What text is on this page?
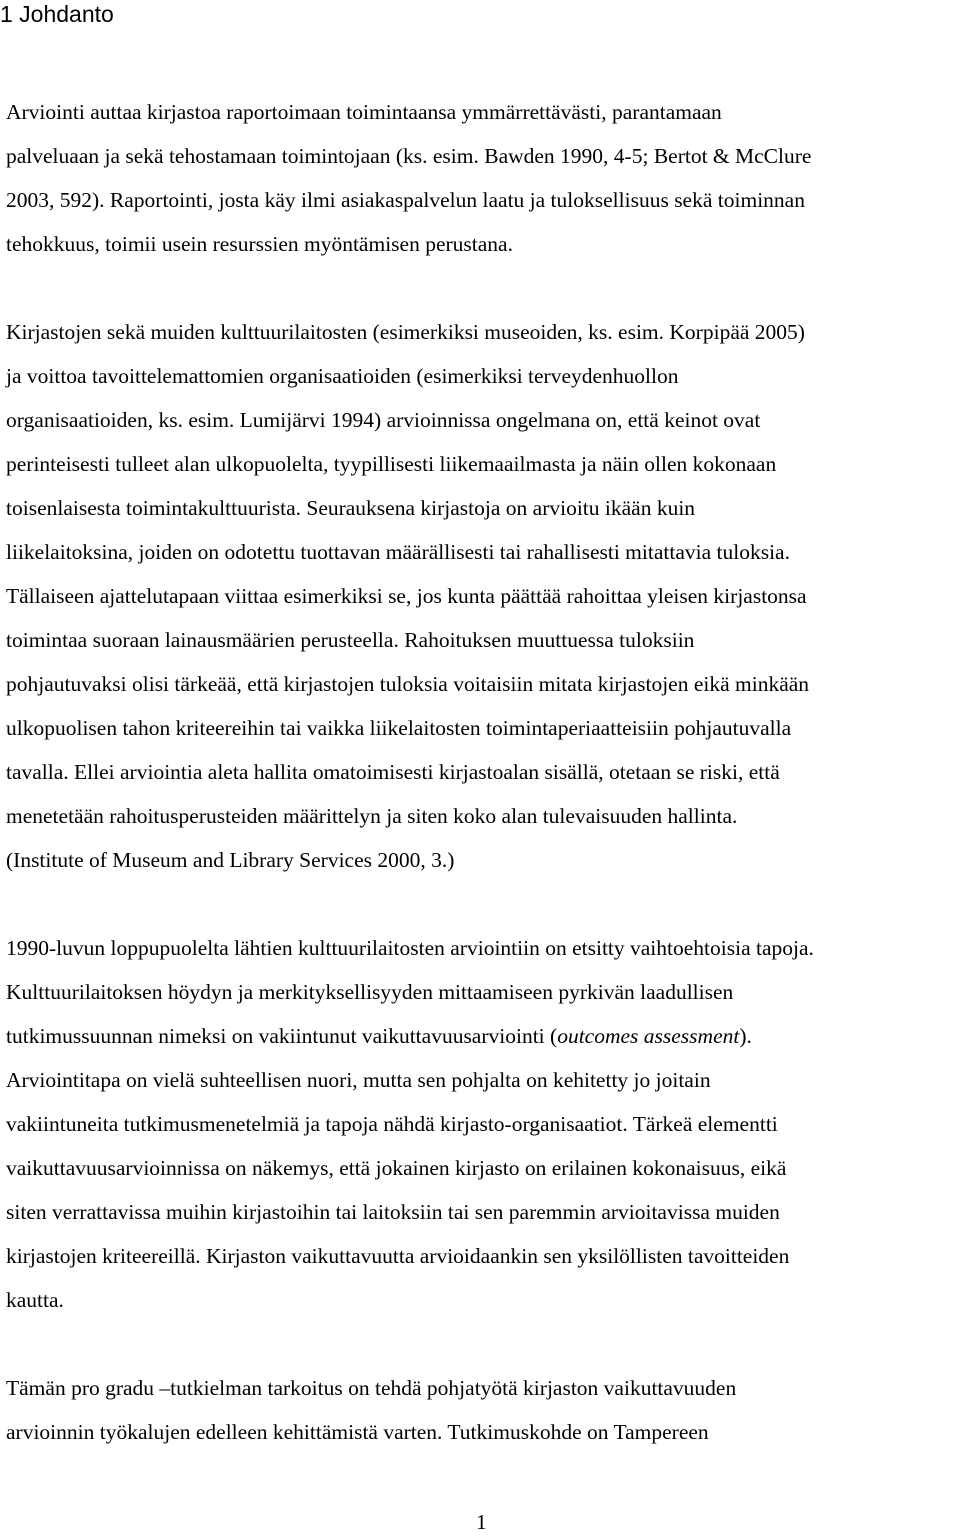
1 Johdanto

Arviointi auttaa kirjastoa raportoimaan toimintaansa ymmärrettävästi, parantamaan

palveluaan ja sekä tehostamaan toimintojaan (ks. esim. Bawden 1990, 4-5; Bertot & McClure

2003, 592). Raportointi, josta käy ilmi asiakaspalvelun laatu ja tuloksellisuus sekä toiminnan

tehokkuus, toimii usein resurssien myöntämisen perustana.

Kirjastojen sekä muiden kulttuurilaitosten (esimerkiksi museoiden, ks. esim. Korpipää 2005)

ja voittoa tavoittelemattomien organisaatioiden (esimerkiksi terveydenhuollon

organisaatioiden, ks. esim. Lumijärvi 1994) arvioinnissa ongelmana on, että keinot ovat

perinteisesti tulleet alan ulkopuolelta, tyypillisesti liikemaailmasta ja näin ollen kokonaan

toisenlaisesta toimintakulttuurista. Seurauksena kirjastoja on arvioitu ikään kuin

liikelaitoksina, joiden on odotettu tuottavan määrällisesti tai rahallisesti mitattavia tuloksia.

Tällaiseen ajattelutapaan viittaa esimerkiksi se, jos kunta päättää rahoittaa yleisen kirjastonsa

toimintaa suoraan lainausmäärien perusteella. Rahoituksen muuttuessa tuloksiin

pohjautuvaksi olisi tärkeää, että kirjastojen tuloksia voitaisiin mitata kirjastojen eikä minkään

ulkopuolisen tahon kriteereihin tai vaikka liikelaitosten toimintaperiaatteisiin pohjautuvalla

tavalla. Ellei arviointia aleta hallita omatoimisesti kirjastoalan sisällä, otetaan se riski, että

menetetään rahoitusperusteiden määrittelyn ja siten koko alan tulevaisuuden hallinta.

(Institute of Museum and Library Services 2000, 3.)

1990-luvun loppupuolelta lähtien kulttuurilaitosten arviointiin on etsitty vaihtoehtoisia tapoja.

Kulttuurilaitoksen höydyn ja merkityksellisyyden mittaamiseen pyrkivän laadullisen

tutkimussuunnan nimeksi on vakiintunut vaikuttavuusarviointi (outcomes assessment).

Arviointitapa on vielä suhteellisen nuori, mutta sen pohjalta on kehitetty jo joitain

vakiintuneita tutkimusmenetelmiä ja tapoja nähdä kirjasto-organisaatiot. Tärkeä elementti

vaikuttavuusarvioinnissa on näkemys, että jokainen kirjasto on erilainen kokonaisuus, eikä

siten verrattavissa muihin kirjastoihin tai laitoksiin tai sen paremmin arvioitavissa muiden

kirjastojen kriteereillä. Kirjaston vaikuttavuutta arvioidaankin sen yksilöllisten tavoitteiden

kautta.

Tämän pro gradu –tutkielman tarkoitus on tehdä pohjatyötä kirjaston vaikuttavuuden

arvioinnin työkalujen edelleen kehittämistä varten. Tutkimuskohde on Tampereen

1
